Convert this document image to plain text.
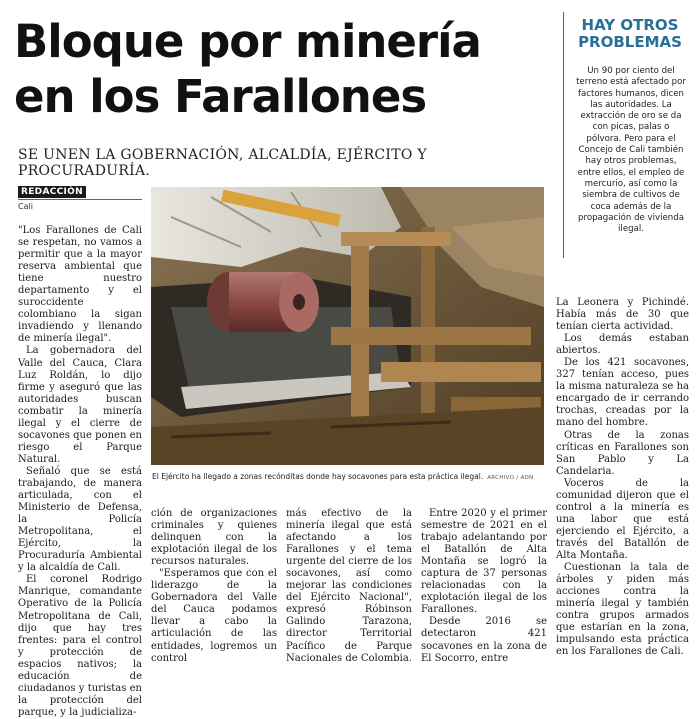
Bloque por minería
en los Farallones

SE UNEN LA GOBERNACIÓN, ALCALDÍA, EJÉRCITO Y PROCURADURÍA.

HAY OTROS
PROBLEMAS

Un 90 por ciento del terreno está afectado por factores humanos, dicen las autoridades. La extracción de oro se da con picas, palas o pólvora. Pero para el Concejo de Cali también hay otros problemas, entre ellos, el empleo de mercurio, así como la siembra de cultivos de coca además de la propagación de vivienda ilegal.

REDACCIÓN
Cali
El Ejército ha llegado a zonas recónditas donde hay socavones para esta práctica ilegal. ARCHIVO / ADN

"Los Farallones de Cali se respetan, no vamos a permitir que a la mayor reserva ambiental que tiene nuestro departamento y el suroccidente colombiano la sigan invadiendo y llenando de minería ilegal".

La gobernadora del Valle del Cauca, Clara Luz Roldán, lo dijo firme y aseguró que las autoridades buscan combatir la minería ilegal y el cierre de socavones que ponen en riesgo el Parque Natural.

Señaló que se está trabajando, de manera articulada, con el Ministerio de Defensa, la Policía Metropolitana, el Ejército, la Procuraduría Ambiental y la alcaldía de Cali.

El coronel Rodrigo Manrique, comandante Operativo de la Policía Metropolitana de Cali, dijo que hay tres frentes: para el control y protección de espacios nativos; la educación de ciudadanos y turistas en la protección del parque, y la judicializa-

ción de organizaciones criminales y quienes delinquen con la explotación ilegal de los recursos naturales.

"Esperamos que con el liderazgo de la Gobernadora del Valle del Cauca podamos llevar a cabo la articulación de las entidades, logremos un control

más efectivo de la minería ilegal que está afectando a los Farallones y el tema urgente del cierre de los socavones, así como mejorar las condiciones del Ejército Nacional", expresó Róbinson Galindo Tarazona, director Territorial Pacífico de Parque Nacionales de Colombia.

Entre 2020 y el primer semestre de 2021 en el trabajo adelantando por el Batallón de Alta Montaña se logró la captura de 37 personas relacionadas con la explotación ilegal de los Farallones.

Desde 2016 se detectaron 421 socavones en la zona de El Socorro, entre

La Leonera y Pichindé. Había más de 30 que tenían cierta actividad.

Los demás estaban abiertos.

De los 421 socavones, 327 tenían acceso, pues la misma naturaleza se ha encargado de ir cerrando trochas, creadas por la mano del hombre.

Otras de la zonas críticas en Farallones son San Pablo y La Candelaria.

Voceros de la comunidad dijeron que el control a la minería es una labor que está ejerciendo el Ejército, a través del Batallón de Alta Montaña.

Cuestionan la tala de árboles y piden más acciones contra la minería ilegal y también contra grupos armados que estarían en la zona, impulsando esta práctica en los Farallones de Cali.
